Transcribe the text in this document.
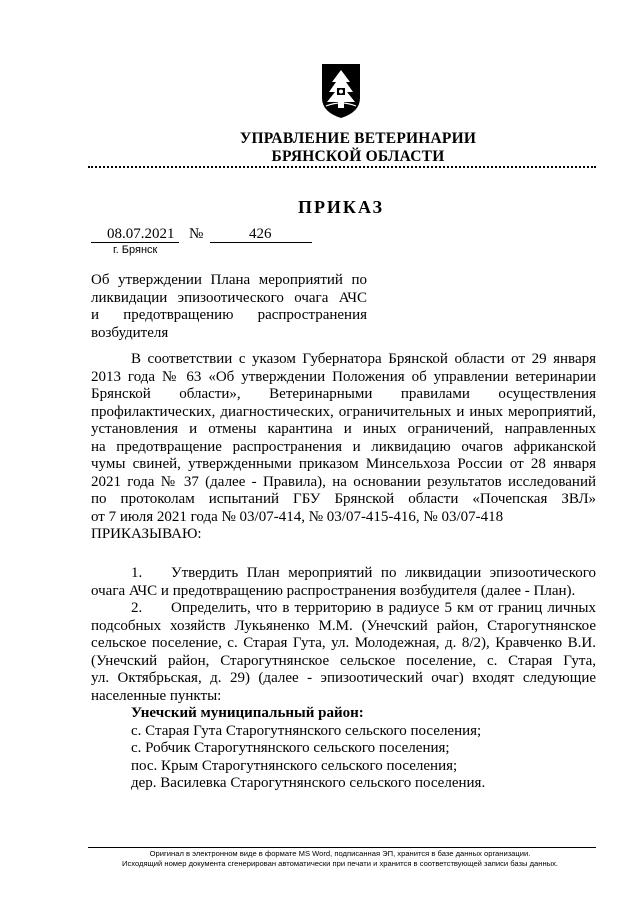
УПРАВЛЕНИЕ ВЕТЕРИНАРИИ
БРЯНСКОЙ ОБЛАСТИ
ПРИКАЗ
08.07.2021 №	426
г. Брянск
Об утверждении Плана мероприятий по
ликвидации эпизоотического очага АЧС
и предотвращению распространения
возбудителя
В соответствии с указом Губернатора Брянской области от 29 января
2013 года № 63 «Об утверждении Положения об управлении ветеринарии
Брянской области», Ветеринарными правилами осуществления
профилактических, диагностических, ограничительных и иных мероприятий,
установления и отмены карантина и иных ограничений, направленных
на предотвращение распространения и ликвидацию очагов африканской
чумы свиней, утвержденными приказом Минсельхоза России от 28 января
2021 года № 37 (далее - Правила), на основании результатов исследований
по протоколам испытаний ГБУ Брянской области «Почепская ЗВЛ»
от 7 июля 2021 года № 03/07-414, № 03/07-415-416, № 03/07-418
ПРИКАЗЫВАЮ:
1.	Утвердить План мероприятий по ликвидации эпизоотического
очага АЧС и предотвращению распространения возбудителя (далее - План).
2.	Определить, что в территорию в радиусе 5 км от границ личных
подсобных хозяйств Лукьяненко М.М. (Унечский район, Старогутнянское
сельское поселение, с. Старая Гута, ул. Молодежная, д. 8/2), Кравченко В.И.
(Унечский район, Старогутнянское сельское поселение, с. Старая Гута,
ул. Октябрьская, д. 29) (далее - эпизоотический очаг) входят следующие
населенные пункты:
Унечский муниципальный район:
с. Старая Гута Старогутнянского сельского поселения;
с. Робчик Старогутнянского сельского поселения;
пос. Крым Старогутнянского сельского поселения;
дер. Василевка Старогутнянского сельского поселения.
Оригинал в электронном виде в формате MS Word, подписанная ЭП, хранится в базе данных организации.
Исходящий номер документа сгенерирован автоматически при печати и хранится в соответствующей записи базы данных.
